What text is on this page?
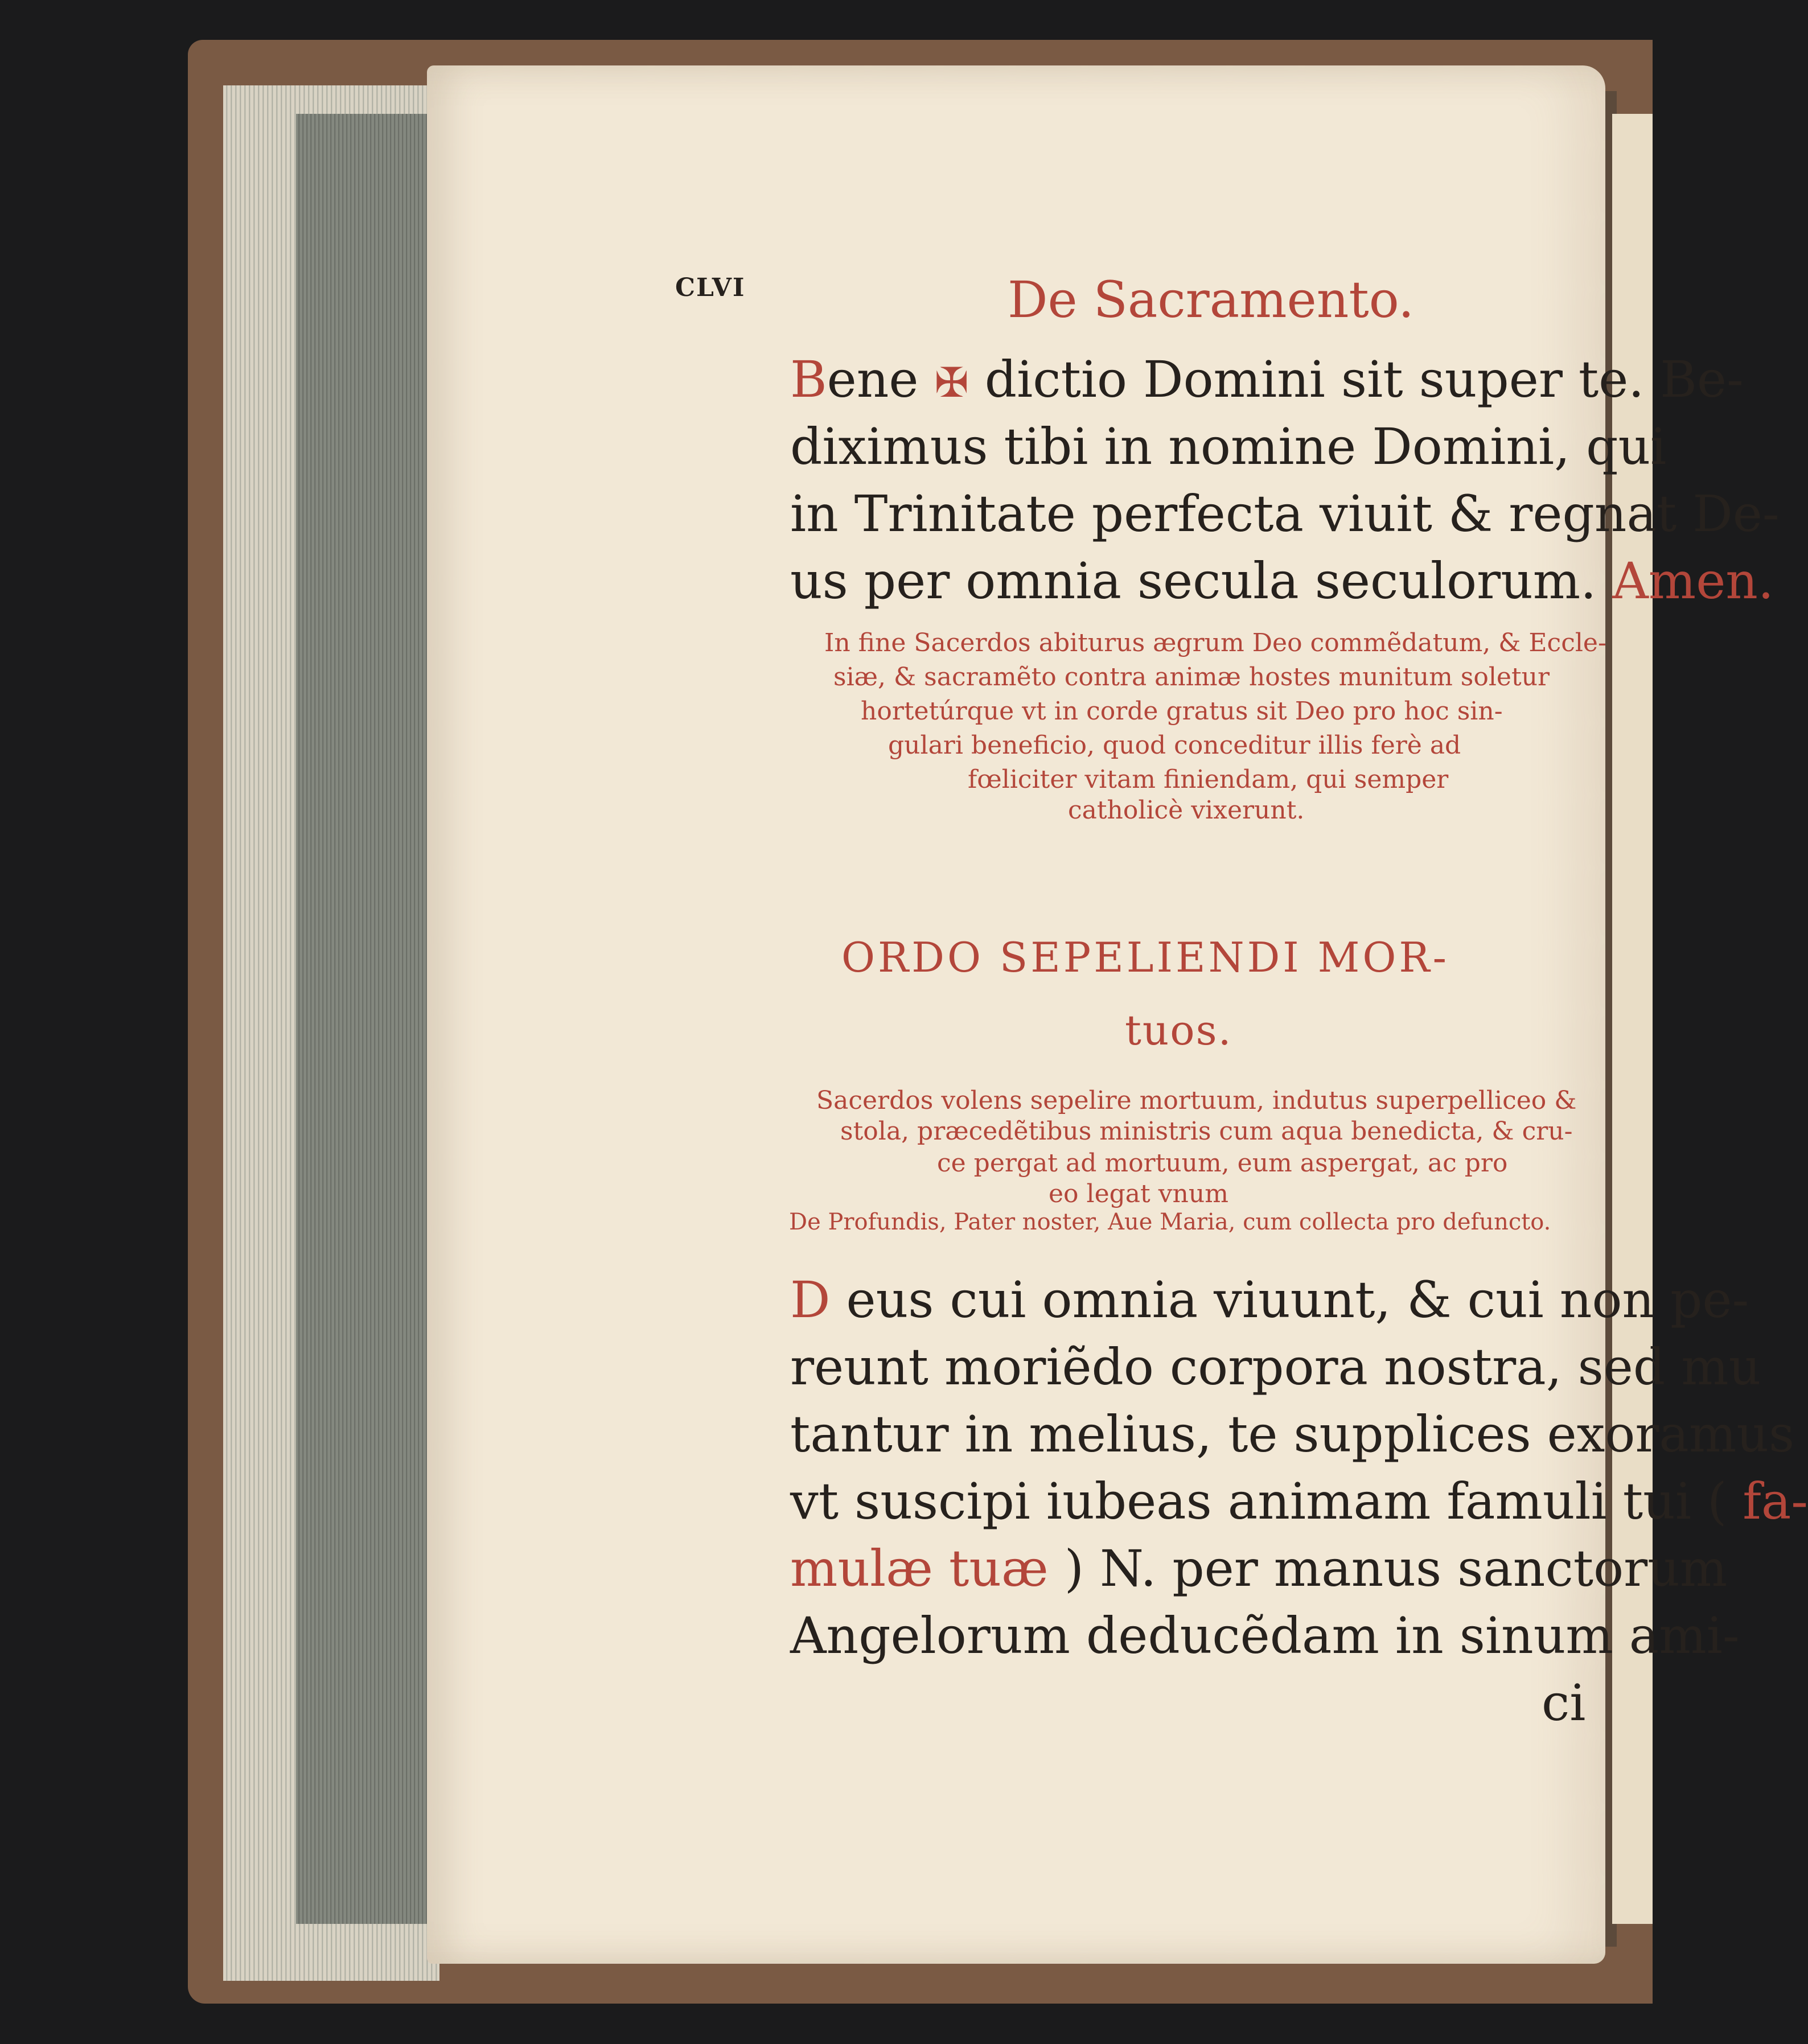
CLVI	De Sacramento.
Bene ✠ dictio Domini sit super te. Be-
diximus tibi in nomine Domini, qui
in Trinitate perfecta viuit & regnat De-
us per omnia secula seculorum. Amen.
In fine Sacerdos abiturus ægrum Deo commẽdatum, & Eccle-
siæ, & sacramẽto contra animæ hostes munitum soletur
hortetúrque vt in corde gratus sit Deo pro hoc sin-
gulari beneficio, quod conceditur illis ferè ad
fœliciter vitam finiendam, qui semper
catholicè vixerunt.
ORDO SEPELIENDI MOR-
tuos.
Sacerdos volens sepelire mortuum, indutus superpelliceo &
stola, præcedẽtibus ministris cum aqua benedicta, & cru-
ce pergat ad mortuum, eum aspergat, ac pro
eo legat vnum
De Profundis, Pater noster, Aue Maria, cum collecta pro defuncto.
D eus cui omnia viuunt, & cui non pe-
reunt moriẽdo corpora nostra, sed mu
tantur in melius, te supplices exoramus
vt suscipi iubeas animam famuli tui ( fa-
mulæ tuæ ) N. per manus sanctorum
Angelorum deducẽdam in sinum ami-
ci
